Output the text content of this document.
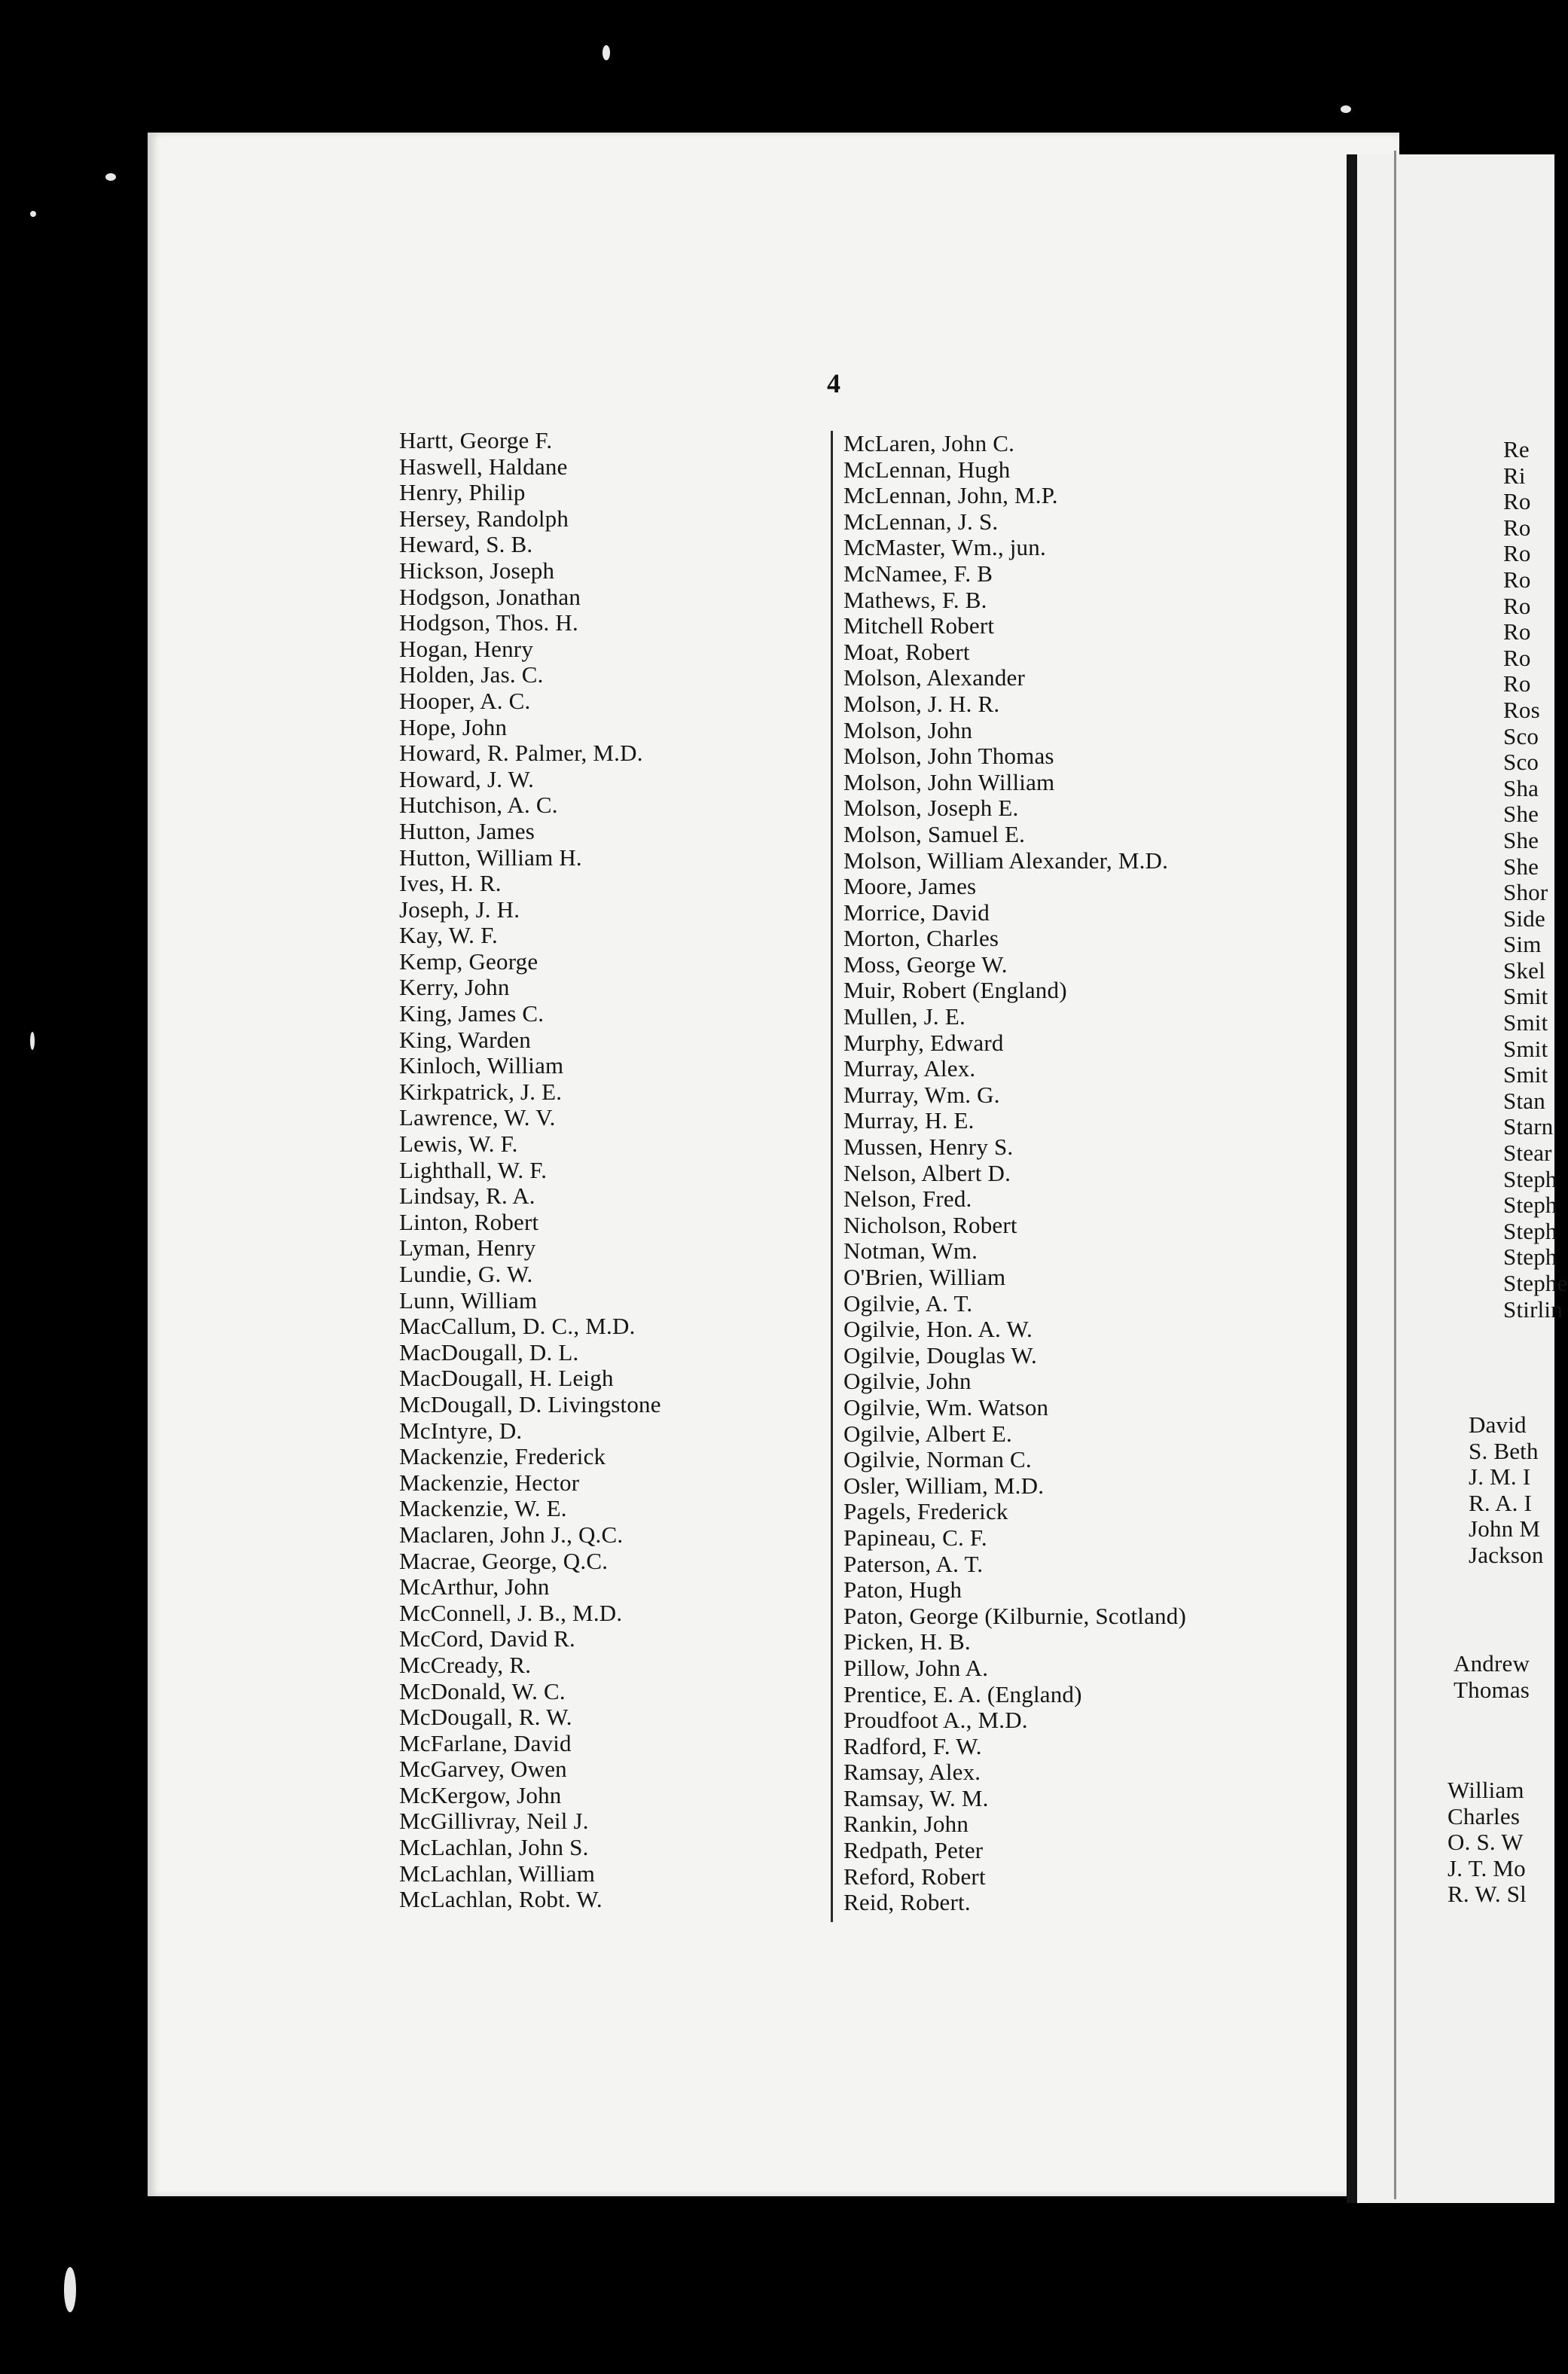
4
Hartt, George F.
Haswell, Haldane
Henry, Philip
Hersey, Randolph
Heward, S. B.
Hickson, Joseph
Hodgson, Jonathan
Hodgson, Thos. H.
Hogan, Henry
Holden, Jas. C.
Hooper, A. C.
Hope, John
Howard, R. Palmer, M.D.
Howard, J. W.
Hutchison, A. C.
Hutton, James
Hutton, William H.
Ives, H. R.
Joseph, J. H.
Kay, W. F.
Kemp, George
Kerry, John
King, James C.
King, Warden
Kinloch, William
Kirkpatrick, J. E.
Lawrence, W. V.
Lewis, W. F.
Lighthall, W. F.
Lindsay, R. A.
Linton, Robert
Lyman, Henry
Lundie, G. W.
Lunn, William
MacCallum, D. C., M.D.
MacDougall, D. L.
MacDougall, H. Leigh
McDougall, D. Livingstone
McIntyre, D.
Mackenzie, Frederick
Mackenzie, Hector
Mackenzie, W. E.
Maclaren, John J., Q.C.
Macrae, George, Q.C.
McArthur, John
McConnell, J. B., M.D.
McCord, David R.
McCready, R.
McDonald, W. C.
McDougall, R. W.
McFarlane, David
McGarvey, Owen
McKergow, John
McGillivray, Neil J.
McLachlan, John S.
McLachlan, William
McLachlan, Robt. W.
McLaren, John C.
McLennan, Hugh
McLennan, John, M.P.
McLennan, J. S.
McMaster, Wm., jun.
McNamee, F. B
Mathews, F. B.
Mitchell Robert
Moat, Robert
Molson, Alexander
Molson, J. H. R.
Molson, John
Molson, John Thomas
Molson, John William
Molson, Joseph E.
Molson, Samuel E.
Molson, William Alexander, M.D.
Moore, James
Morrice, David
Morton, Charles
Moss, George W.
Muir, Robert (England)
Mullen, J. E.
Murphy, Edward
Murray, Alex.
Murray, Wm. G.
Murray, H. E.
Mussen, Henry S.
Nelson, Albert D.
Nelson, Fred.
Nicholson, Robert
Notman, Wm.
O'Brien, William
Ogilvie, A. T.
Ogilvie, Hon. A. W.
Ogilvie, Douglas W.
Ogilvie, John
Ogilvie, Wm. Watson
Ogilvie, Albert E.
Ogilvie, Norman C.
Osler, William, M.D.
Pagels, Frederick
Papineau, C. F.
Paterson, A. T.
Paton, Hugh
Paton, George (Kilburnie, Scotland)
Picken, H. B.
Pillow, John A.
Prentice, E. A. (England)
Proudfoot A., M.D.
Radford, F. W.
Ramsay, Alex.
Ramsay, W. M.
Rankin, John
Redpath, Peter
Reford, Robert
Reid, Robert.
Re
Ri
Ro
Ro
Ro
Ro
Ro
Ro
Ro
Ro
Ros
Sco
Sco
Sha
She
She
She
Shor
Side
Sim
Skel
Smit
Smit
Smit
Smit
Stan
Starn
Stear
Steph
Steph
Steph
Steph
Stephe
Stirlin
David
S. Beth
J. M. I
R. A. I
John M
Jackson
Andrew
Thomas
William
Charles
O. S. W
J. T. Mo
R. W. Sl
